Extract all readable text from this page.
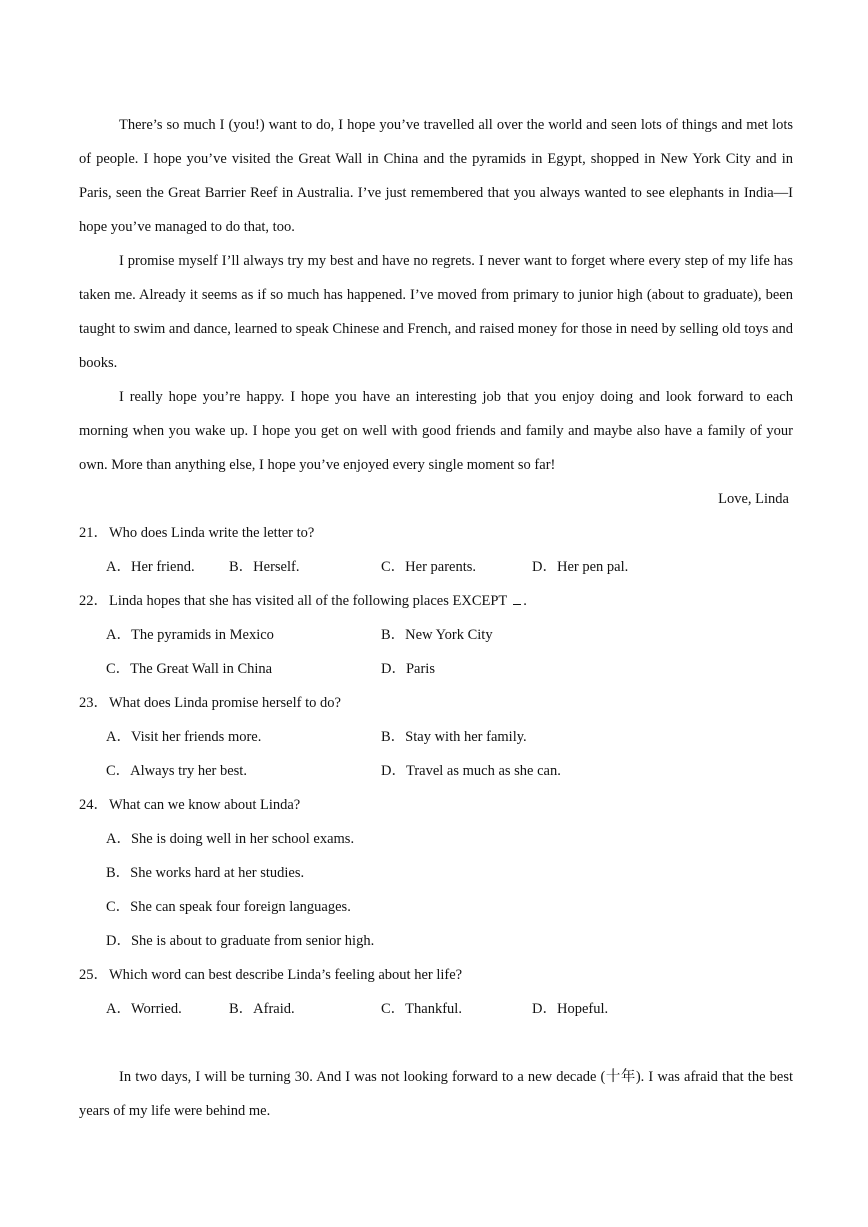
There’s so much I (you!) want to do, I hope you’ve travelled all over the world and seen lots of things and met lots of people. I hope you’ve visited the Great Wall in China and the pyramids in Egypt, shopped in New York City and in Paris, seen the Great Barrier Reef in Australia. I’ve just remembered that you always wanted to see elephants in India—I hope you’ve managed to do that, too.

I promise myself I’ll always try my best and have no regrets. I never want to forget where every step of my life has taken me. Already it seems as if so much has happened. I’ve moved from primary to junior high (about to graduate), been taught to swim and dance, learned to speak Chinese and French, and raised money for those in need by selling old toys and books.

I really hope you’re happy. I hope you have an interesting job that you enjoy doing and look forward to each morning when you wake up. I hope you get on well with good friends and family and maybe also have a family of your own. More than anything else, I hope you’ve enjoyed every single moment so far!

Love, Linda

21．Who does Linda write the letter to?
A．Her friend. B．Herself.	C．Her parents.	D．Her pen pal.
22．Linda hopes that she has visited all of the following places EXCEPT .
A．The pyramids in Mexico	B．New York City
C．The Great Wall in China	D．Paris
23．What does Linda promise herself to do?
A．Visit her friends more.	B．Stay with her family.
C．Always try her best.	D．Travel as much as she can.
24．What can we know about Linda?

A．She is doing well in her school exams.

B．She works hard at her studies.

C．She can speak four foreign languages.

D．She is about to graduate from senior high.

25．Which word can best describe Linda’s feeling about her life?
A．Worried.	B．Afraid.	C．Thankful.	D．Hopeful.

In two days, I will be turning 30. And I was not looking forward to a new decade (十年). I was afraid that the best years of my life were behind me.
